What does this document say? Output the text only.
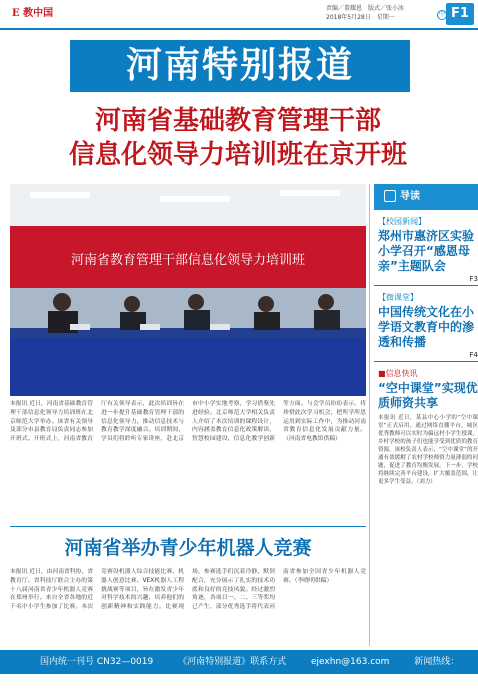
E 教中国	责编／董耀恩 版式／张小冰
2018年5月28日 星期一	中 F1
河南特别报道
河南省基础教育管理干部
信息化领导力培训班在京开班
河南省教育管理干部信息化领导力培训班
本报讯 近日，河南省基础教育管理干部信息化领导力培训班在北京师范大学举办。该省有关领导及部分市县教育局负责同志参加开班式。开班式上，河南省教育厅有关领导表示，此次培训旨在进一步提升基础教育管理干部的信息化领导力，推动信息技术与教育教学深度融合。培训期间，学员们将聆听专家讲座，赴北京市中小学实地考察，学习借鉴先进经验。北京师范大学相关负责人介绍了本次培训的课程设计，内容涵盖教育信息化政策解读、智慧校园建设、信息化教学创新等方面。与会学员纷纷表示，将珍惜此次学习机会，把所学所思运用到实际工作中，为推动河南省教育信息化发展贡献力量。（河南省电教馆供稿）
河南省举办青少年机器人竞赛
本报讯 近日，由河南省科协、省教育厅、省科技厅联合主办的第十八届河南省青少年机器人竞赛在郑州举行。来自全省各地的近千名中小学生参加了比赛。本次竞赛设机器人综合技能比赛、机器人创意比赛、VEX机器人工程挑战赛等项目，旨在激发青少年对科学技术的兴趣，培养他们的创新精神和实践能力。比赛现场，参赛选手们沉着冷静、默契配合，充分展示了扎实的技术功底和良好的竞技风貌。经过激烈角逐，各项目一、二、三等奖均已产生，部分优秀选手将代表河南省参加全国青少年机器人竞赛。（李晓明供稿）
导读
【校园新闻】
郑州市惠济区实验小学召开“感恩母亲”主题队会
F3
【微课堂】
中国传统文化在小学语文教育中的渗透和传播
F4
■信息快讯
“空中课堂”实现优质师资共享
本报讯 近日，某县中心小学的“空中课堂”正式启用。通过网络直播平台，城区优秀教师可以实时为偏远村小学生授课，乡村学校的孩子们也能享受到优质的教育资源。该校负责人表示，“空中课堂”的开通有效缓解了农村学校师资力量薄弱的问题，促进了教育均衡发展。下一步，学校将继续完善平台建设，扩大覆盖范围，让更多学生受益。（刘力）
国内统一刊号 CN32—0019	《河南特别报道》联系方式	ejexhn@163.com	新闻热线：0371—86581365
